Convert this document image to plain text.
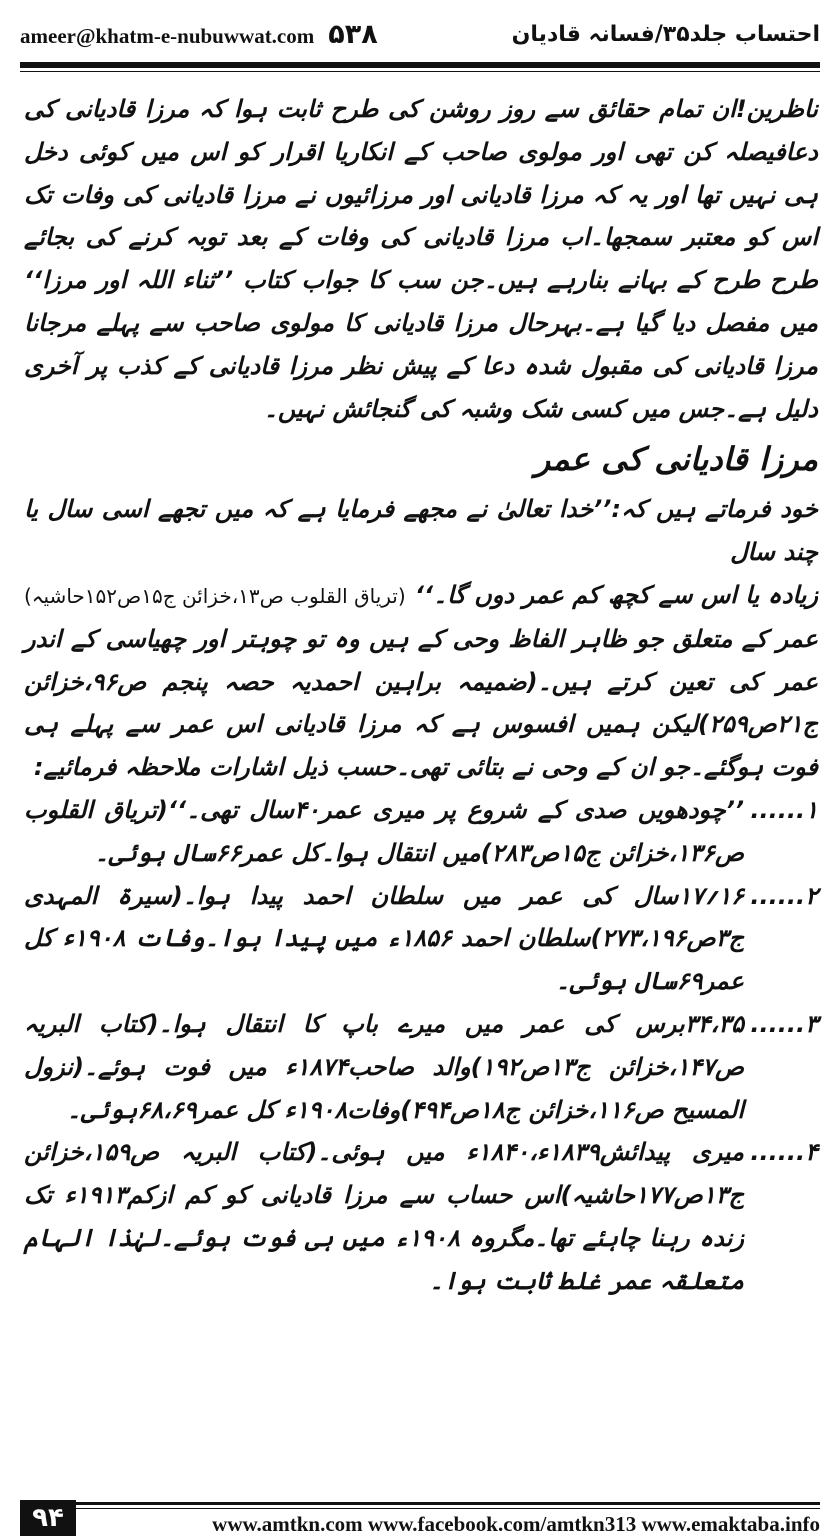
ameer@khatm-e-nubuwwat.com ۵۳۸	احتساب جلد۳۵/فسانہ قادیان

ناظرین!ان تمام حقائق سے روز روشن کی طرح ثابت ہوا کہ مرزا قادیانی کی دعافیصلہ کن تھی اور مولوی صاحب کے انکاریا اقرار کو اس میں کوئی دخل ہی نہیں تھا اور یہ کہ مرزا قادیانی اور مرزائیوں نے مرزا قادیانی کی وفات تک اس کو معتبر سمجھا۔اب مرزا قادیانی کی وفات کے بعد توبہ کرنے کی بجائے طرح طرح کے بہانے بنارہے ہیں۔جن سب کا جواب کتاب ’’ثناء اللہ اور مرزا‘‘ میں مفصل دیا گیا ہے۔بہرحال مرزا قادیانی کا مولوی صاحب سے پہلے مرجانا مرزا قادیانی کی مقبول شدہ دعا کے پیش نظر مرزا قادیانی کے کذب پر آخری دلیل ہے۔جس میں کسی شک وشبہ کی گنجائش نہیں۔

مرزا قادیانی کی عمر

خود فرماتے ہیں کہ:’’خدا تعالیٰ نے مجھے فرمایا ہے کہ میں تجھے اسی سال یا چند سال

زیادہ یا اس سے کچھ کم عمر دوں گا۔‘‘
(تریاق القلوب ص۱۳،خزائن ج۱۵ص۱۵۲حاشیہ)

عمر کے متعلق جو ظاہر الفاظ وحی کے ہیں وہ تو چوہتر اور چھیاسی کے اندر عمر کی تعین کرتے ہیں۔(ضمیمہ براہین احمدیہ حصہ پنجم ص۹۶،خزائن ج۲۱ص۲۵۹)لیکن ہمیں افسوس ہے کہ مرزا قادیانی اس عمر سے پہلے ہی فوت ہوگئے۔جو ان کے وحی نے بتائی تھی۔حسب ذیل اشارات ملاحظہ فرمائیے:

۱......
’’چودھویں صدی کے شروع پر میری عمر۴۰سال تھی۔‘‘(تریاق القلوب ص۱۳۶،خزائن ج۱۵ص۲۸۳)میں انتقال ہوا۔کل عمر۶۶سال ہوئی۔
۲......
۱۶؍۱۷سال کی عمر میں سلطان احمد پیدا ہوا۔(سیرۃ المہدی ج۳ص۲۷۳،۱۹۶)سلطان احمد ۱۸۵۶ء میں پیدا ہوا۔وفات ۱۹۰۸ء کل عمر۶۹سال ہوئی۔
۳......
۳۴،۳۵برس کی عمر میں میرے باپ کا انتقال ہوا۔(کتاب البریہ ص۱۴۷،خزائن ج۱۳ص۱۹۲)والد صاحب۱۸۷۴ء میں فوت ہوئے۔(نزول المسیح ص۱۱۶،خزائن ج۱۸ص۴۹۴)وفات۱۹۰۸ء کل عمر۶۸،۶۹ہوئی۔
۴......
میری پیدائش۱۸۳۹ء،۱۸۴۰ء میں ہوئی۔(کتاب البریہ ص۱۵۹،خزائن ج۱۳ص۱۷۷حاشیہ)اس حساب سے مرزا قادیانی کو کم ازکم۱۹۱۳ء تک زندہ رہنا چاہئے تھا۔مگروہ ۱۹۰۸ء میں ہی فوت ہوئے۔لہٰذا الہام متعلقہ عمر غلط ثابت ہوا۔
۹۴	www.amtkn.com www.facebook.com/amtkn313 www.emaktaba.info
